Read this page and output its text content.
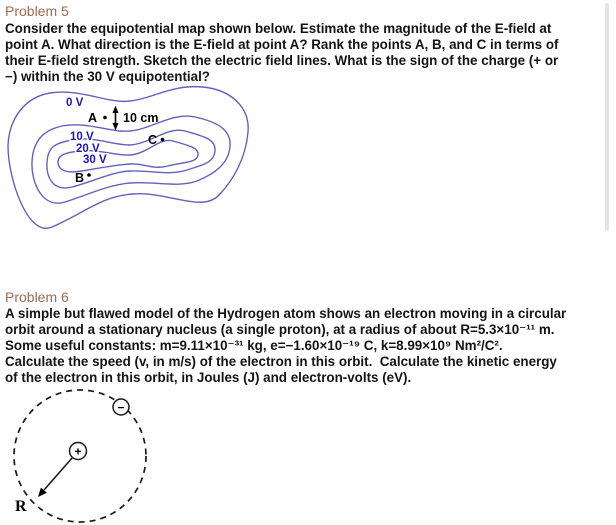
Problem 5
Consider the equipotential map shown below. Estimate the magnitude of the E-field at
point A. What direction is the E-field at point A? Rank the points A, B, and C in terms of
their E-field strength. Sketch the electric field lines. What is the sign of the charge (+ or
−) within the 30 V equipotential?
0 V
10 V
20 V
30 V
A
C
B
10 cm
Problem 6
A simple but flawed model of the Hydrogen atom shows an electron moving in a circular
orbit around a stationary nucleus (a single proton), at a radius of about R=5.3×10⁻¹¹ m.
Some useful constants: m=9.11×10⁻³¹ kg, e=−1.60×10⁻¹⁹ C, k=8.99×10⁹ Nm²/C².
Calculate the speed (v, in m/s) of the electron in this orbit.  Calculate the kinetic energy
of the electron in this orbit, in Joules (J) and electron-volts (eV).
+
−
R
